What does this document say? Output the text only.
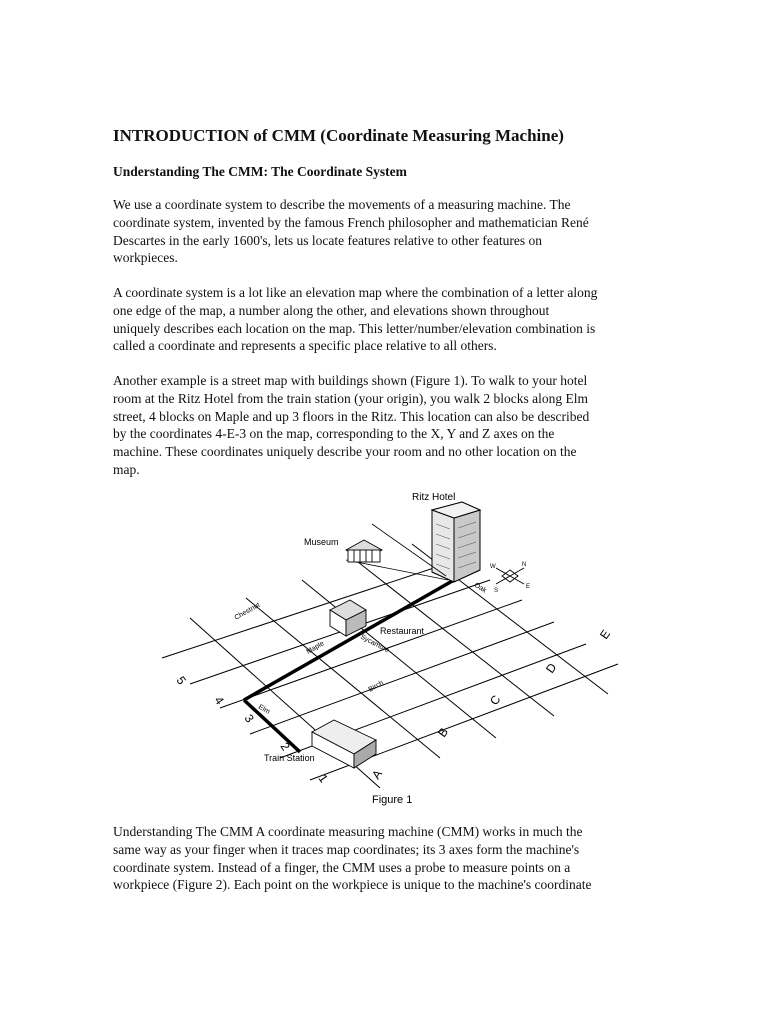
INTRODUCTION of CMM (Coordinate Measuring Machine)
Understanding The CMM: The Coordinate System
We use a coordinate system to describe the movements of a measuring machine. The
coordinate system, invented by the famous French philosopher and mathematician René
Descartes in the early 1600's, lets us locate features relative to other features on
workpieces.
A coordinate system is a lot like an elevation map where the combination of a letter along
one edge of the map, a number along the other, and elevations shown throughout
uniquely describes each location on the map. This letter/number/elevation combination is
called a coordinate and represents a specific place relative to all others.
Another example is a street map with buildings shown (Figure 1). To walk to your hotel
room at the Ritz Hotel from the train station (your origin), you walk 2 blocks along Elm
street, 4 blocks on Maple and up 3 floors in the Ritz. This location can also be described
by the coordinates 4-E-3 on the map, corresponding to the X, Y and Z axes on the
machine. These coordinates uniquely describe your room and no other location on the
map.
Ritz Hotel
Museum
Restaurant
Train Station
Chestnut
Maple	Sycamore
Birch
Elm
Oak
N
S
E
W
1
2
3
4
5
A
B
C
D
E
Figure 1
Understanding The CMM A coordinate measuring machine (CMM) works in much the
same way as your finger when it traces map coordinates; its 3 axes form the machine's
coordinate system. Instead of a finger, the CMM uses a probe to measure points on a
workpiece (Figure 2). Each point on the workpiece is unique to the machine's coordinate
